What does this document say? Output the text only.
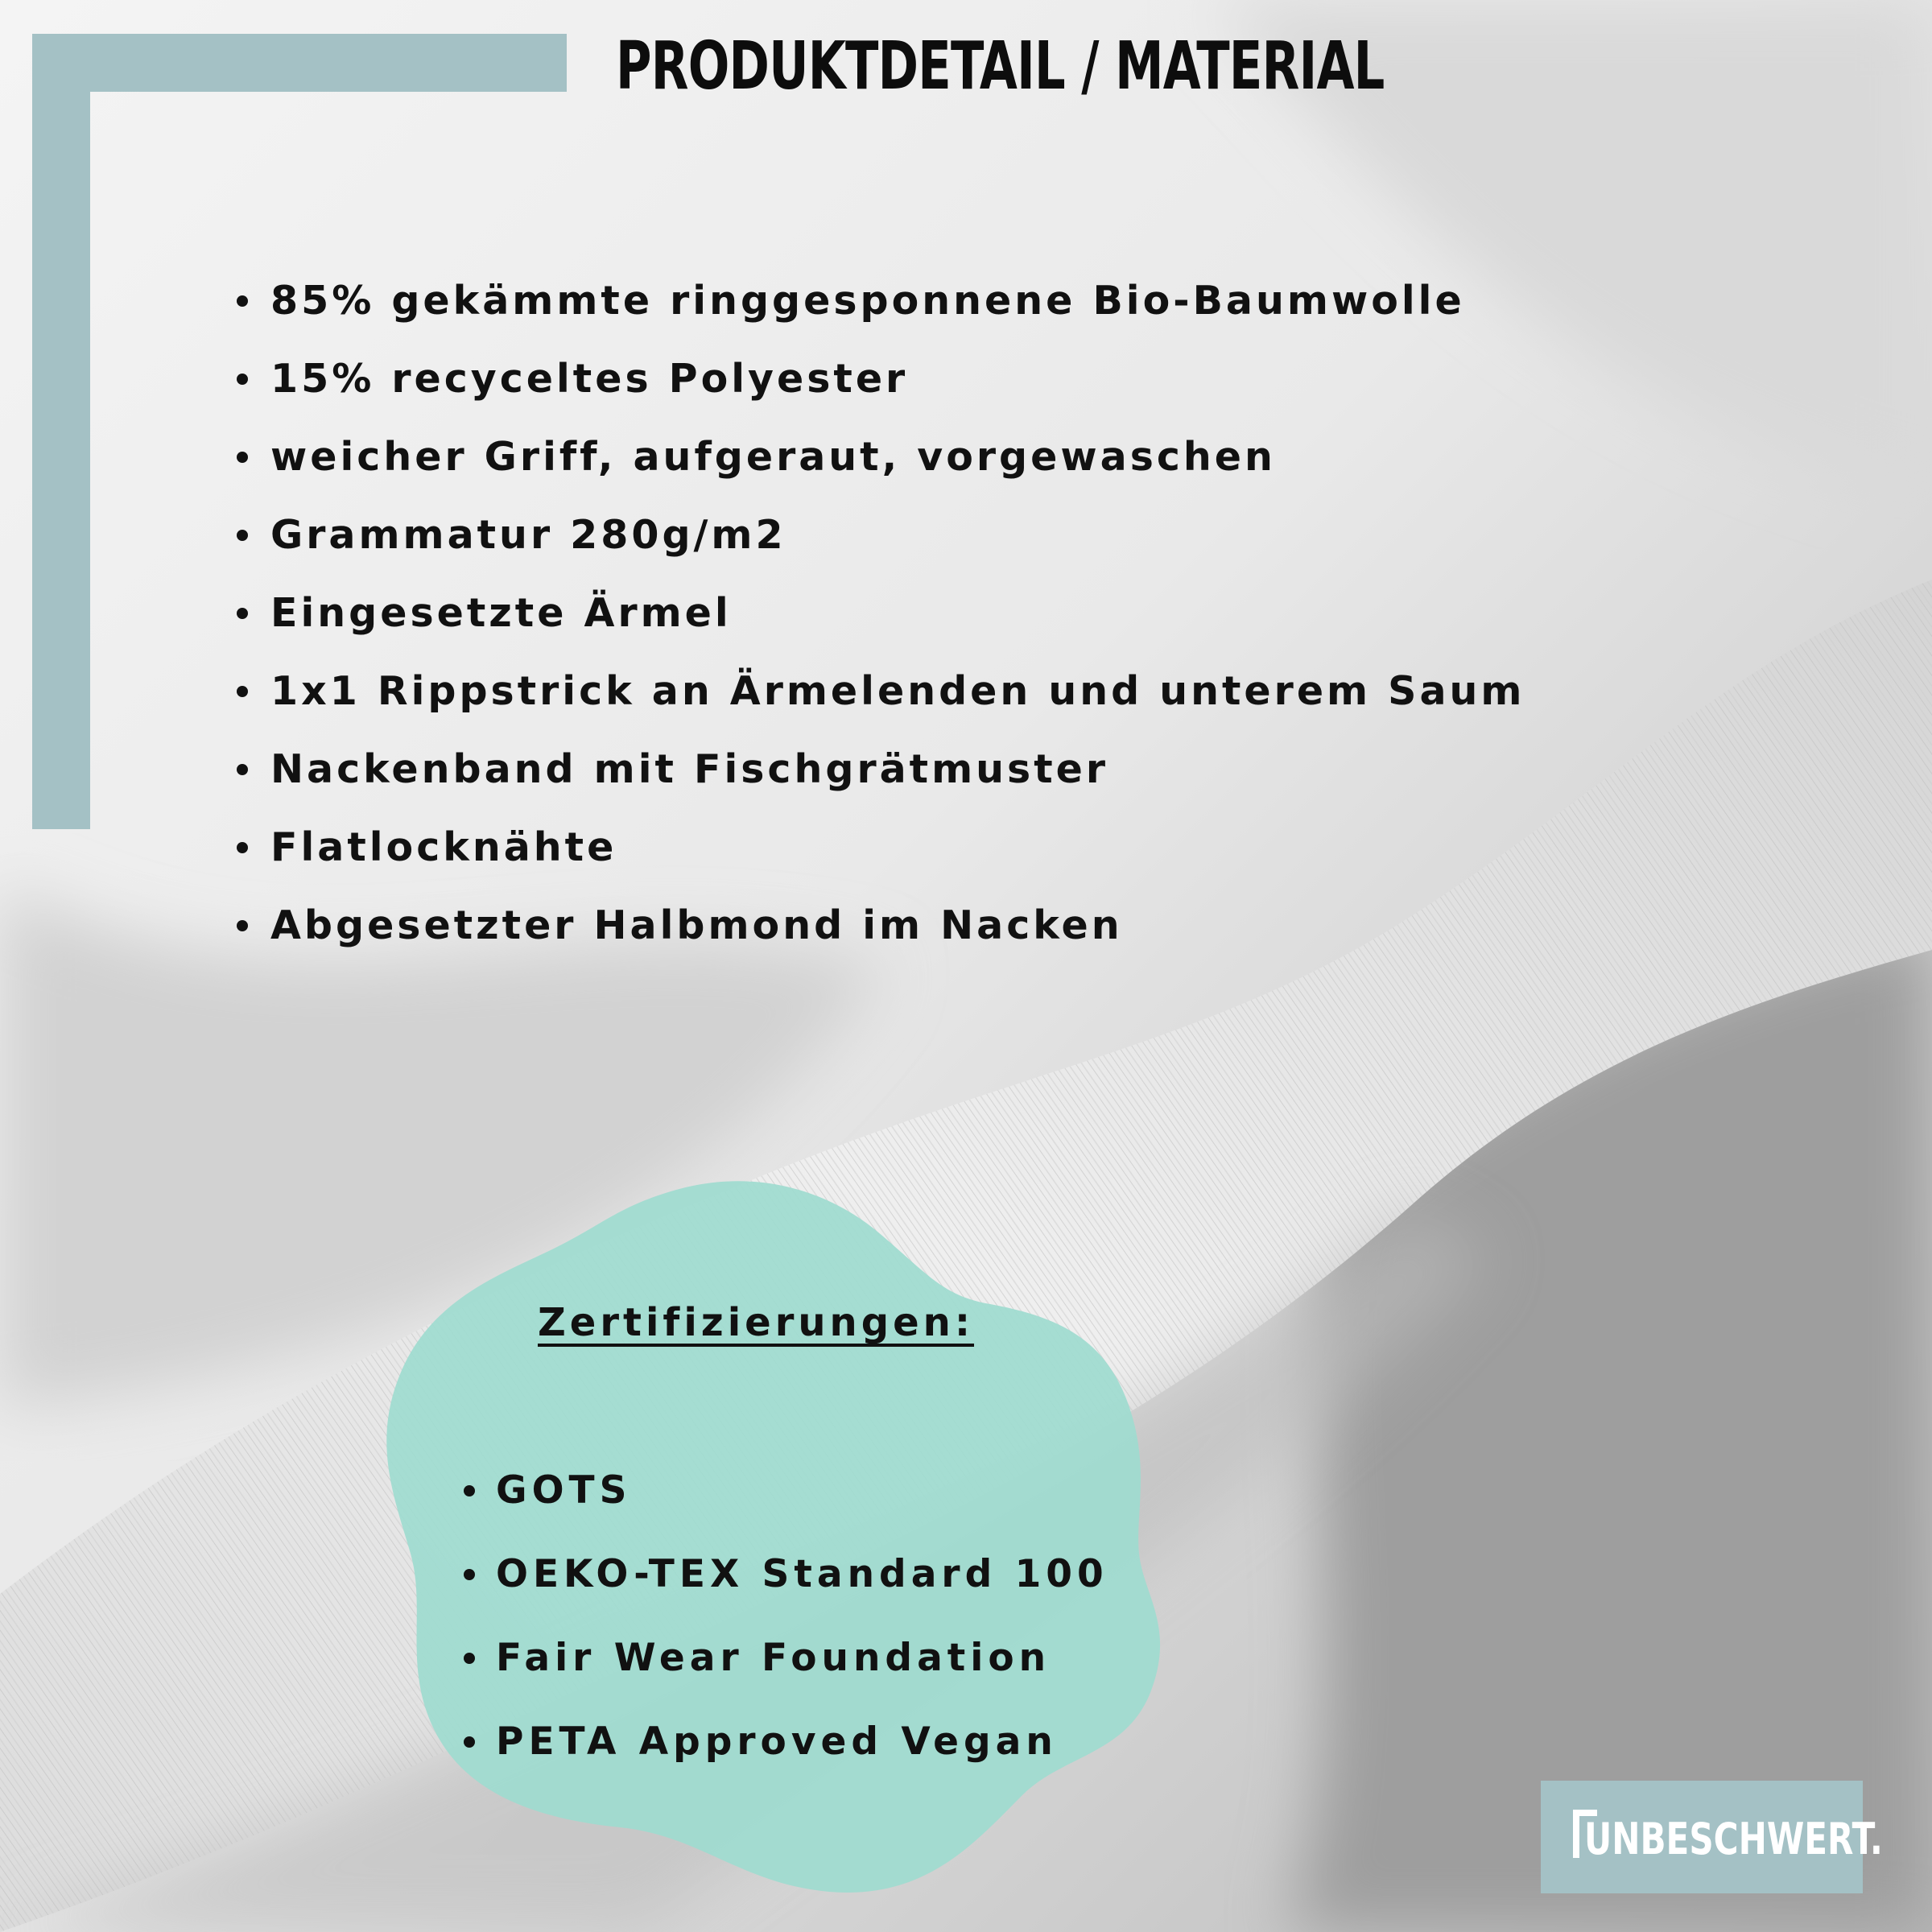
PRODUKTDETAIL / MATERIAL
85% gekämmte ringgesponnene Bio-Baumwolle
15% recyceltes Polyester
weicher Griff, aufgeraut, vorgewaschen
Grammatur 280g/m2
Eingesetzte Ärmel
1x1 Rippstrick an Ärmelenden und unterem Saum
Nackenband mit Fischgrätmuster
Flatlocknähte
Abgesetzter Halbmond im Nacken
Zertifizierungen:
GOTS
OEKO-TEX Standard 100
Fair Wear Foundation
PETA Approved Vegan
UNBESCHWERT.
